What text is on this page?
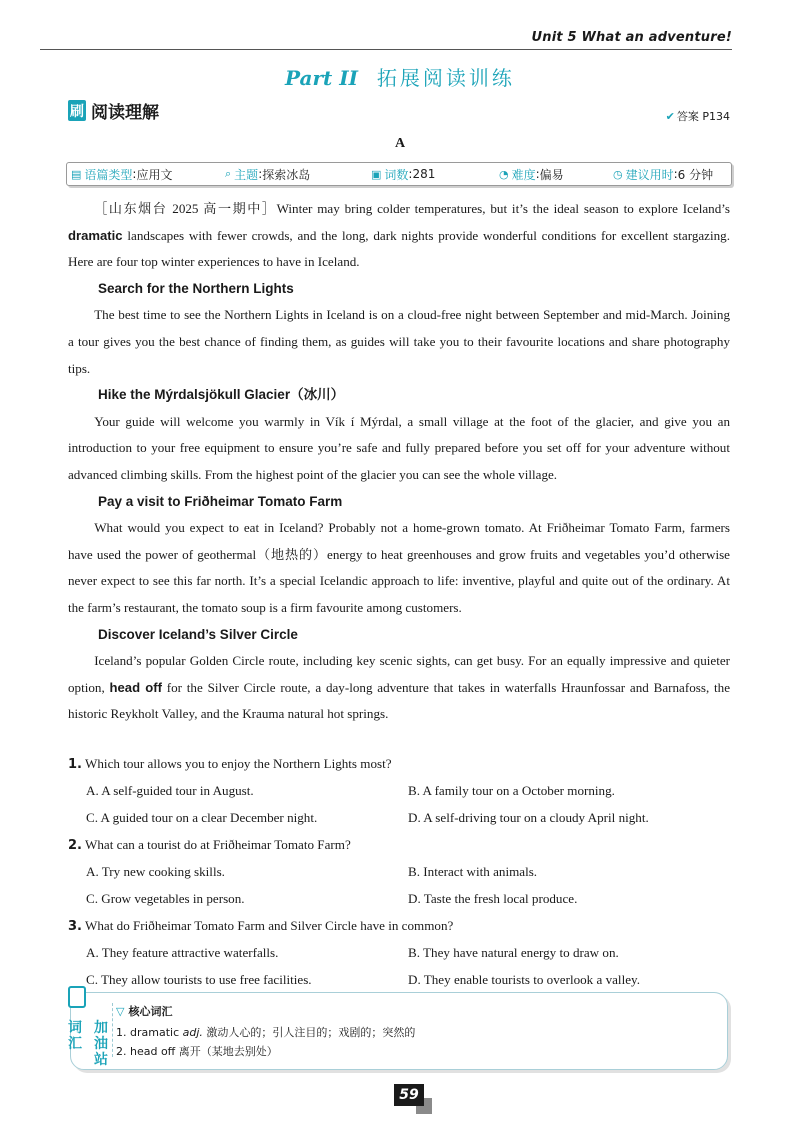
Unit 5 What an adventure!
Part II 拓展阅读训练
刷 阅读理解	✔ 答案 P134
A
▤ 语篇类型 : 应用文	⌕ 主题 : 探索冰岛	▣ 词数 : 281	◔ 难度 : 偏易	◷ 建议用时 : 6 分钟

［山东烟台 2025 高一期中］Winter may bring colder temperatures, but it’s the ideal season to explore Iceland’s dramatic landscapes with fewer crowds, and the long, dark nights provide wonderful conditions for excellent stargazing. Here are four top winter experiences to have in Iceland.

Search for the Northern Lights

The best time to see the Northern Lights in Iceland is on a cloud-free night between September and mid-March. Joining a tour gives you the best chance of finding them, as guides will take you to their favourite locations and share photography tips.

Hike the Mýrdalsjökull Glacier（冰川）

Your guide will welcome you warmly in Vík í Mýrdal, a small village at the foot of the glacier, and give you an introduction to your free equipment to ensure you’re safe and fully prepared before you set off for your adventure without advanced climbing skills. From the highest point of the glacier you can see the whole village.

Pay a visit to Friðheimar Tomato Farm

What would you expect to eat in Iceland? Probably not a home-grown tomato. At Friðheimar Tomato Farm, farmers have used the power of geothermal（地热的）energy to heat greenhouses and grow fruits and vegetables you’d otherwise never expect to see this far north. It’s a special Icelandic approach to life: inventive, playful and quite out of the ordinary. At the farm’s restaurant, the tomato soup is a firm favourite among customers.

Discover Iceland’s Silver Circle

Iceland’s popular Golden Circle route, including key scenic sights, can get busy. For an equally impressive and quieter option, head off for the Silver Circle route, a day-long adventure that takes in waterfalls Hraunfossar and Barnafoss, the historic Reykholt Valley, and the Krauma natural hot springs.

1. Which tour allows you to enjoy the Northern Lights most?
A. A self-guided tour in August.	B. A family tour on a October morning.
C. A guided tour on a clear December night.	D. A self-driving tour on a cloudy April night.
2. What can a tourist do at Friðheimar Tomato Farm?
A. Try new cooking skills.	B. Interact with animals.
C. Grow vegetables in person.	D. Taste the fresh local produce.
3. What do Friðheimar Tomato Farm and Silver Circle have in common?
A. They feature attractive waterfalls.	B. They have natural energy to draw on.
C. They allow tourists to use free facilities.	D. They enable tourists to overlook a valley.
词汇
加油站
▽ 核心词汇
1. dramatic adj. 激动人心的；引人注目的；戏剧的；突然的
2. head off 离开（某地去别处）
59
